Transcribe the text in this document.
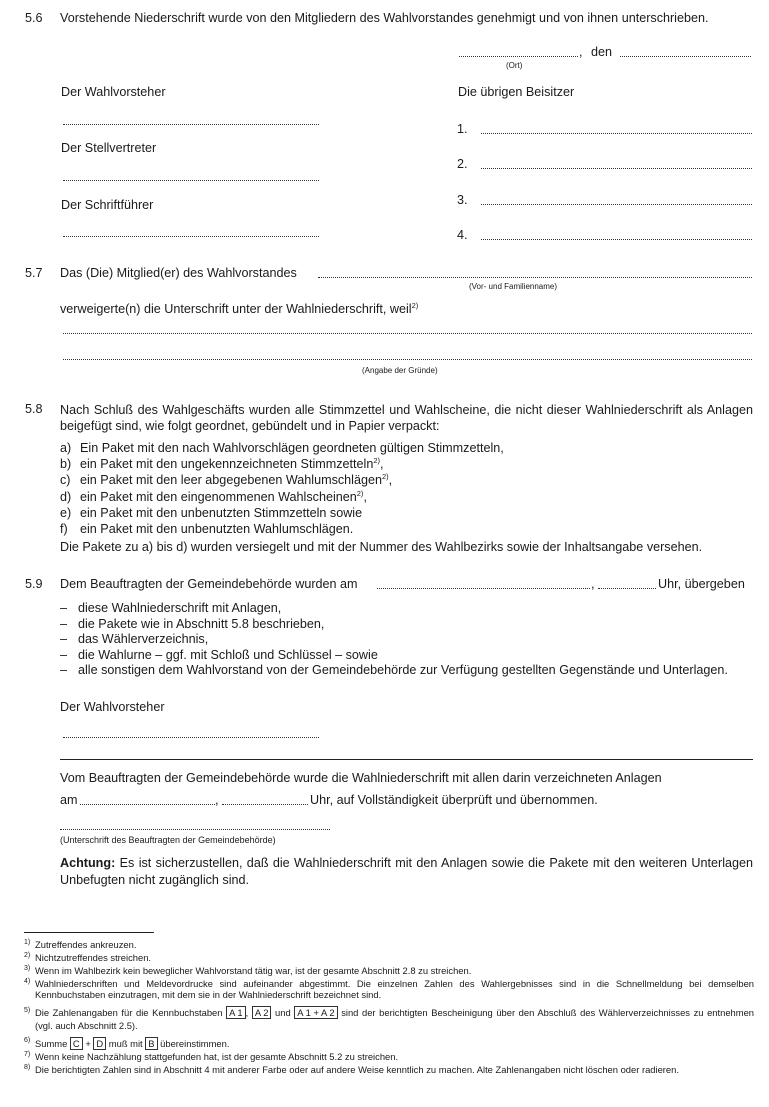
5.6 Vorstehende Niederschrift wurde von den Mitgliedern des Wahlvorstandes genehmigt und von ihnen unterschrieben.
, den
(Ort)
Der Wahlvorsteher
Der Stellvertreter
Der Schriftführer
Die übrigen Beisitzer
1.
2.
3.
4.
5.7 Das (Die) Mitglied(er) des Wahlvorstandes
(Vor- und Familienname)
verweigerte(n) die Unterschrift unter der Wahlniederschrift, weil$^{2)}$
(Angabe der Gründe)
5.8 Nach Schluß des Wahlgeschäfts wurden alle Stimmzettel und Wahlscheine, die nicht dieser Wahlniederschrift als Anlagen beigefügt sind, wie folgt geordnet, gebündelt und in Papier verpackt:
a) Ein Paket mit den nach Wahlvorschlägen geordneten gültigen Stimmzetteln,
b) ein Paket mit den ungekennzeichneten Stimmzetteln$^{2)}$,
c) ein Paket mit den leer abgegebenen Wahlumschlägen$^{2)}$,
d) ein Paket mit den eingenommenen Wahlscheinen$^{2)}$,
e) ein Paket mit den unbenutzten Stimmzetteln sowie
f) ein Paket mit den unbenutzten Wahlumschlägen.
Die Pakete zu a) bis d) wurden versiegelt und mit der Nummer des Wahlbezirks sowie der Inhaltsangabe versehen.
5.9 Dem Beauftragten der Gemeindebehörde wurden am	,	Uhr, übergeben
– diese Wahlniederschrift mit Anlagen,
– die Pakete wie in Abschnitt 5.8 beschrieben,
– das Wählerverzeichnis,
– die Wahlurne – ggf. mit Schloß und Schlüssel – sowie
– alle sonstigen dem Wahlvorstand von der Gemeindebehörde zur Verfügung gestellten Gegenstände und Unterlagen.
Der Wahlvorsteher
Vom Beauftragten der Gemeindebehörde wurde die Wahlniederschrift mit allen darin verzeichneten Anlagen
am	,	Uhr, auf Vollständigkeit überprüft und übernommen.
(Unterschrift des Beauftragten der Gemeindebehörde)
Achtung: Es ist sicherzustellen, daß die Wahlniederschrift mit den Anlagen sowie die Pakete mit den weiteren Unterlagen Unbefugten nicht zugänglich sind.
1) Zutreffendes ankreuzen.
2) Nichtzutreffendes streichen.
3) Wenn im Wahlbezirk kein beweglicher Wahlvorstand tätig war, ist der gesamte Abschnitt 2.8 zu streichen.
4) Wahlniederschriften und Meldevordrucke sind aufeinander abgestimmt. Die einzelnen Zahlen des Wahlergebnisses sind in die Schnellmeldung bei demselben Kennbuchstaben einzutragen, mit dem sie in der Wahlniederschrift bezeichnet sind.
5) Die Zahlenangaben für die Kennbuchstaben A 1 , A 2 und A 1 + A 2 sind der berichtigten Bescheinigung über den Abschluß des Wählerverzeichnisses zu entnehmen (vgl. auch Abschnitt 2.5).
6) Summe C + D muß mit B übereinstimmen.
7) Wenn keine Nachzählung stattgefunden hat, ist der gesamte Abschnitt 5.2 zu streichen.
8) Die berichtigten Zahlen sind in Abschnitt 4 mit anderer Farbe oder auf andere Weise kenntlich zu machen. Alte Zahlenangaben nicht löschen oder radieren.
